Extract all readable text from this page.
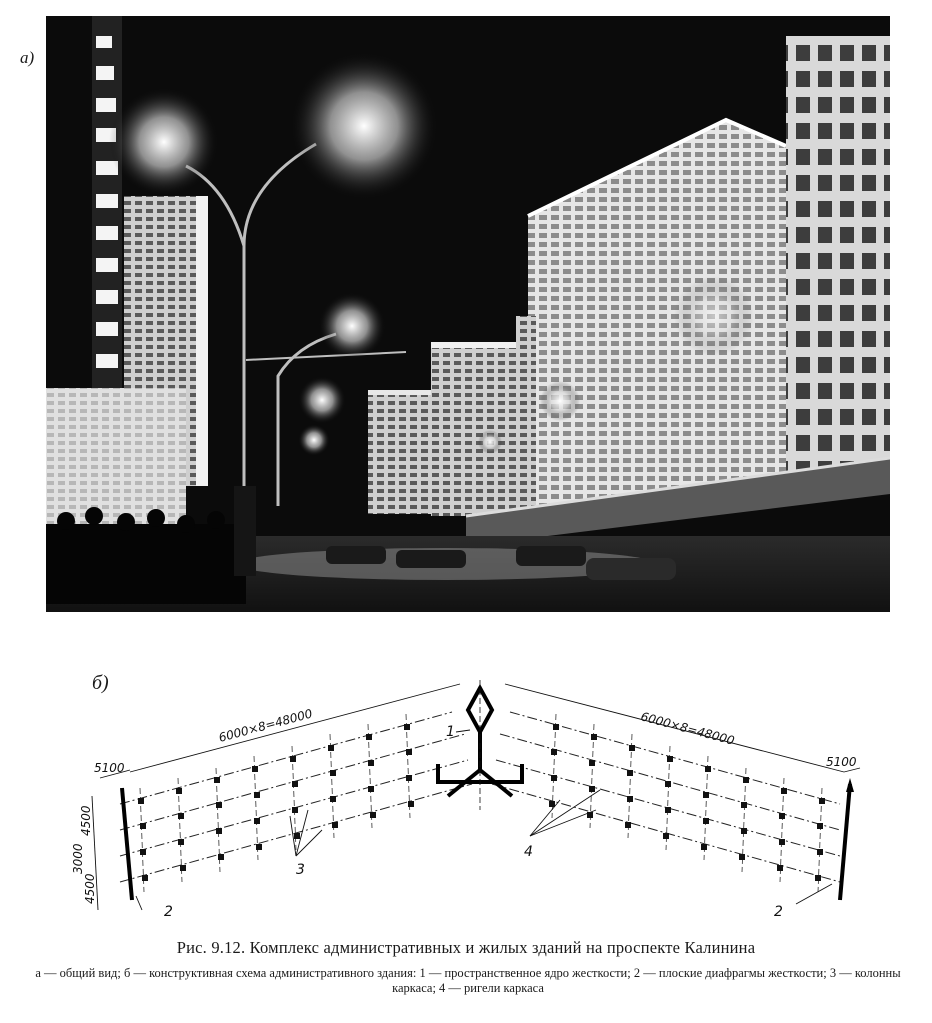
а)
б)
6000×8=48000	6000×8=48000
5100	5100
4500
3000
4500
1
2	2
3
4
Рис. 9.12. Комплекс административных и жилых зданий на проспекте Калинина
а — общий вид; б — конструктивная схема административного здания: 1 — пространственное ядро жесткости; 2 — плоские диафрагмы жесткости; 3 — колонны каркаса; 4 — ригели каркаса
